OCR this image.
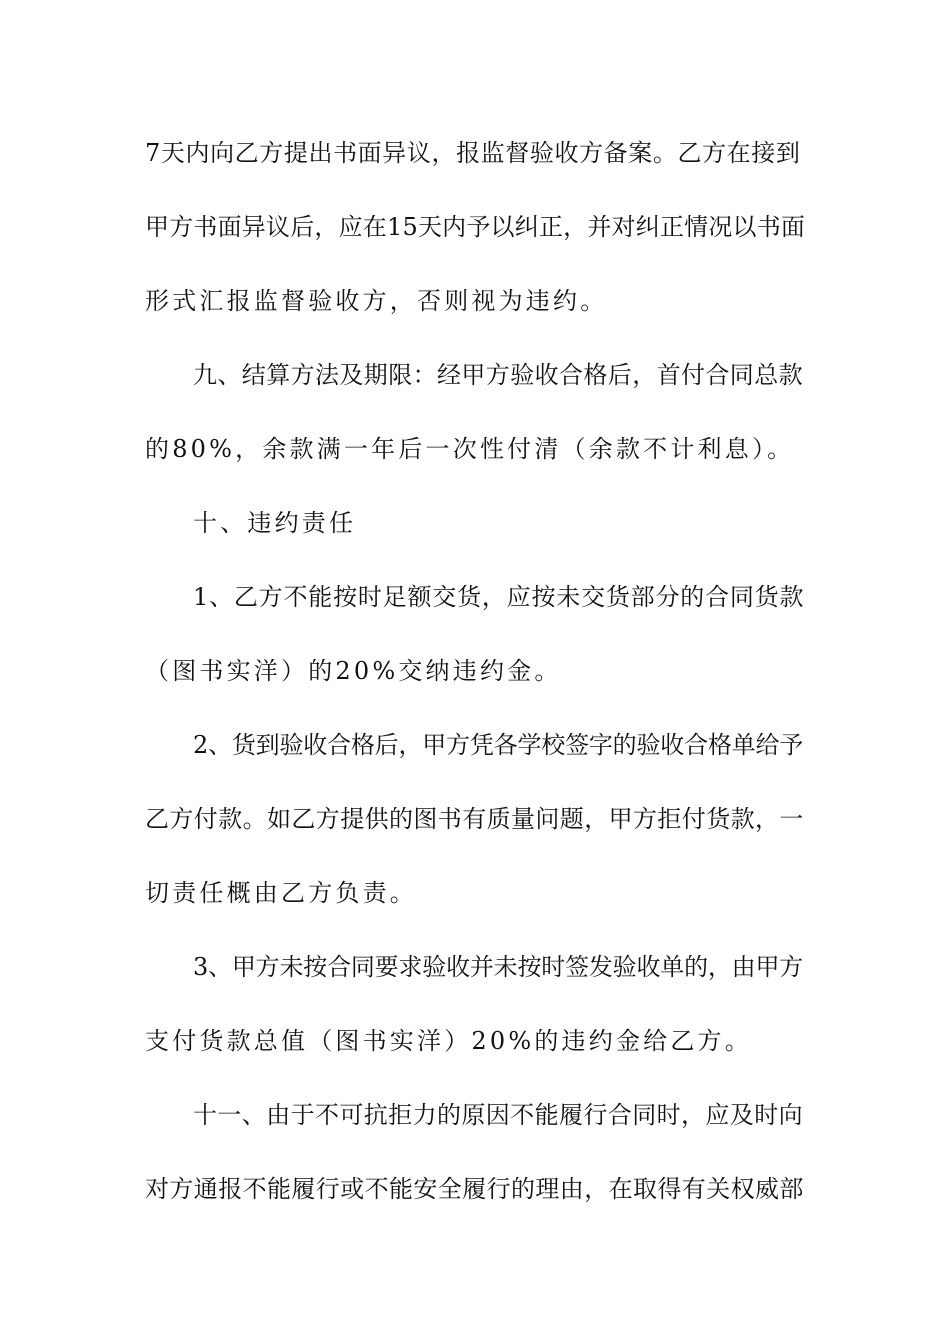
7天内向乙方提出书面异议，报监督验收方备案。乙方在接到
甲方书面异议后，应在15天内予以纠正，并对纠正情况以书面
形式汇报监督验收方，否则视为违约。
九、结算方法及期限：经甲方验收合格后，首付合同总款
的80%，余款满一年后一次性付清（余款不计利息）。
十、违约责任
1、乙方不能按时足额交货，应按未交货部分的合同货款
（图书实洋）的20%交纳违约金。
2、货到验收合格后，甲方凭各学校签字的验收合格单给予
乙方付款。如乙方提供的图书有质量问题，甲方拒付货款，一
切责任概由乙方负责。
3、甲方未按合同要求验收并未按时签发验收单的，由甲方
支付货款总值（图书实洋）20%的违约金给乙方。
十一、由于不可抗拒力的原因不能履行合同时，应及时向
对方通报不能履行或不能安全履行的理由，在取得有关权威部
